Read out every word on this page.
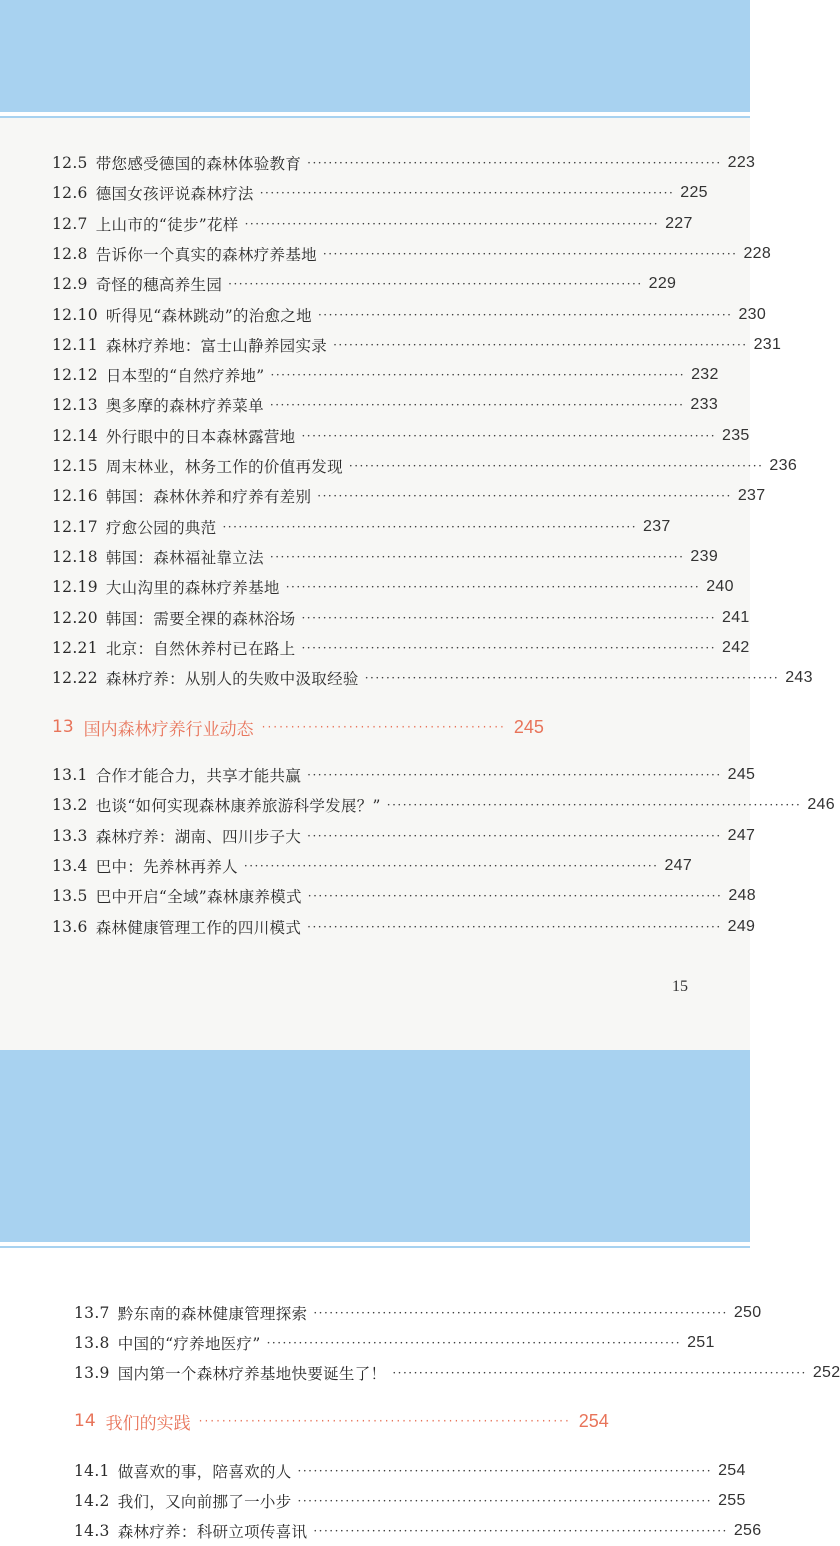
12.5 带您感受德国的森林体验教育 ·············································································· 223
12.6 德国女孩评说森林疗法 ·············································································· 225
12.7 上山市的“徒步”花样 ·············································································· 227
12.8 告诉你一个真实的森林疗养基地 ·············································································· 228
12.9 奇怪的穗高养生园 ·············································································· 229
12.10 听得见“森林跳动”的治愈之地 ·············································································· 230
12.11 森林疗养地：富士山静养园实录 ·············································································· 231
12.12 日本型的“自然疗养地” ·············································································· 232
12.13 奥多摩的森林疗养菜单 ·············································································· 233
12.14 外行眼中的日本森林露营地 ·············································································· 235
12.15 周末林业，林务工作的价值再发现 ·············································································· 236
12.16 韩国：森林休养和疗养有差别 ·············································································· 237
12.17 疗愈公园的典范 ·············································································· 237
12.18 韩国：森林福祉靠立法 ·············································································· 239
12.19 大山沟里的森林疗养基地 ·············································································· 240
12.20 韩国：需要全裸的森林浴场 ·············································································· 241
12.21 北京：自然休养村已在路上 ·············································································· 242
12.22 森林疗养：从别人的失败中汲取经验 ·············································································· 243
13 国内森林疗养行业动态 ·········································· 245
13.1 合作才能合力，共享才能共赢 ·············································································· 245
13.2 也谈“如何实现森林康养旅游科学发展？” ·············································································· 246
13.3 森林疗养：湖南、四川步子大 ·············································································· 247
13.4 巴中：先养林再养人 ·············································································· 247
13.5 巴中开启“全域”森林康养模式 ·············································································· 248
13.6 森林健康管理工作的四川模式 ·············································································· 249
15
13.7 黔东南的森林健康管理探索 ·············································································· 250
13.8 中国的“疗养地医疗” ·············································································· 251
13.9 国内第一个森林疗养基地快要诞生了！ ·············································································· 252
14 我们的实践 ································································ 254
14.1 做喜欢的事，陪喜欢的人 ·············································································· 254
14.2 我们，又向前挪了一小步 ·············································································· 255
14.3 森林疗养：科研立项传喜讯 ·············································································· 256
